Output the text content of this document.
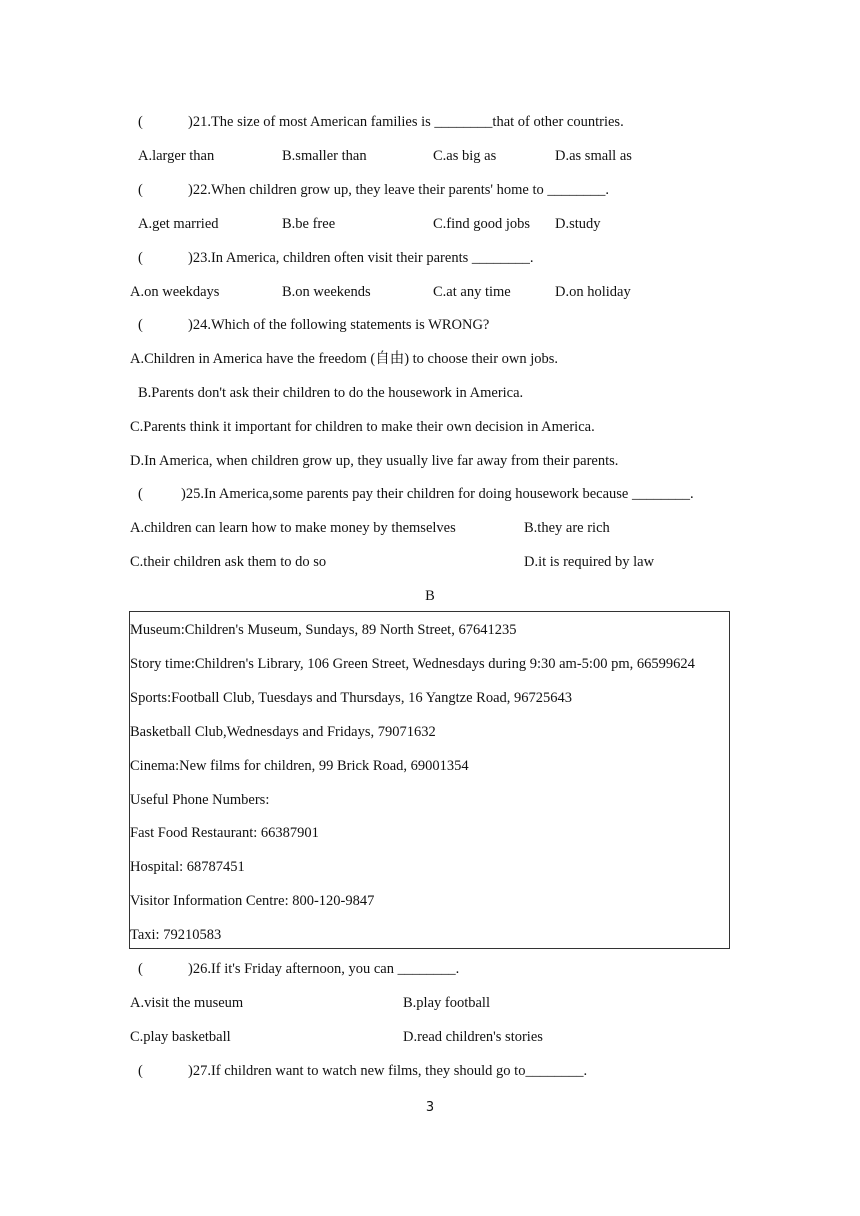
(	)21.The size of most American families is ________that of other countries.
A.larger than	B.smaller than	C.as big as	D.as small as
(	)22.When children grow up, they leave their parents' home to ________.
A.get married	B.be free	C.find good jobs D.study
(	)23.In America, children often visit their parents ________.
A.on weekdays	B.on weekends	C.at any time	D.on holiday
(	)24.Which of the following statements is WRONG?
A.Children in America have the freedom (自由) to choose their own jobs.
B.Parents don't ask their children to do the housework in America.
C.Parents think it important for children to make their own decision in America.
D.In America, when children grow up, they usually live far away from their parents.
(	)25.In America,some parents pay their children for doing housework because ________.
A.children can learn how to make money by themselves	B.they are rich
C.their children ask them to do so	D.it is required by law
B
Museum:Children's Museum, Sundays, 89 North Street, 67641235
Story time:Children's Library, 106 Green Street, Wednesdays during 9:30 am-5:00 pm, 66599624
Sports:Football Club, Tuesdays and Thursdays, 16 Yangtze Road, 96725643
Basketball Club,Wednesdays and Fridays, 79071632
Cinema:New films for children, 99 Brick Road, 69001354
Useful Phone Numbers:
Fast Food Restaurant: 66387901
Hospital: 68787451
Visitor Information Centre: 800-120-9847
Taxi: 79210583
(	)26.If it's Friday afternoon, you can ________.
A.visit the museum	B.play football
C.play basketball	D.read children's stories
(	)27.If children want to watch new films, they should go to________.
3
